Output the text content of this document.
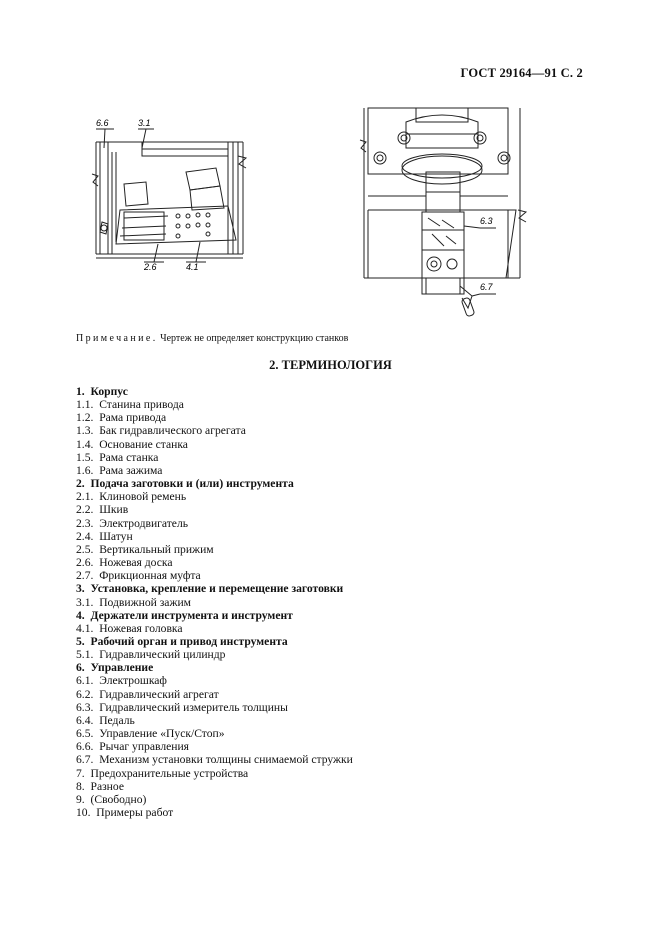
ГОСТ 29164—91 С. 2
6.6	3.1
2.6	4.1
6.3
6.7
Примечание. Чертеж не определяет конструкцию станков
2. ТЕРМИНОЛОГИЯ
1. Корпус
1.1. Станина привода
1.2. Рама привода
1.3. Бак гидравлического агрегата
1.4. Основание станка
1.5. Рама станка
1.6. Рама зажима
2. Подача заготовки и (или) инструмента
2.1. Клиновой ремень
2.2. Шкив
2.3. Электродвигатель
2.4. Шатун
2.5. Вертикальный прижим
2.6. Ножевая доска
2.7. Фрикционная муфта
3. Установка, крепление и перемещение заготовки
3.1. Подвижной зажим
4. Держатели инструмента и инструмент
4.1. Ножевая головка
5. Рабочий орган и привод инструмента
5.1. Гидравлический цилиндр
6. Управление
6.1. Электрошкаф
6.2. Гидравлический агрегат
6.3. Гидравлический измеритель толщины
6.4. Педаль
6.5. Управление «Пуск/Стоп»
6.6. Рычаг управления
6.7. Механизм установки толщины снимаемой стружки
7. Предохранительные устройства
8. Разное
9. (Свободно)
10. Примеры работ
